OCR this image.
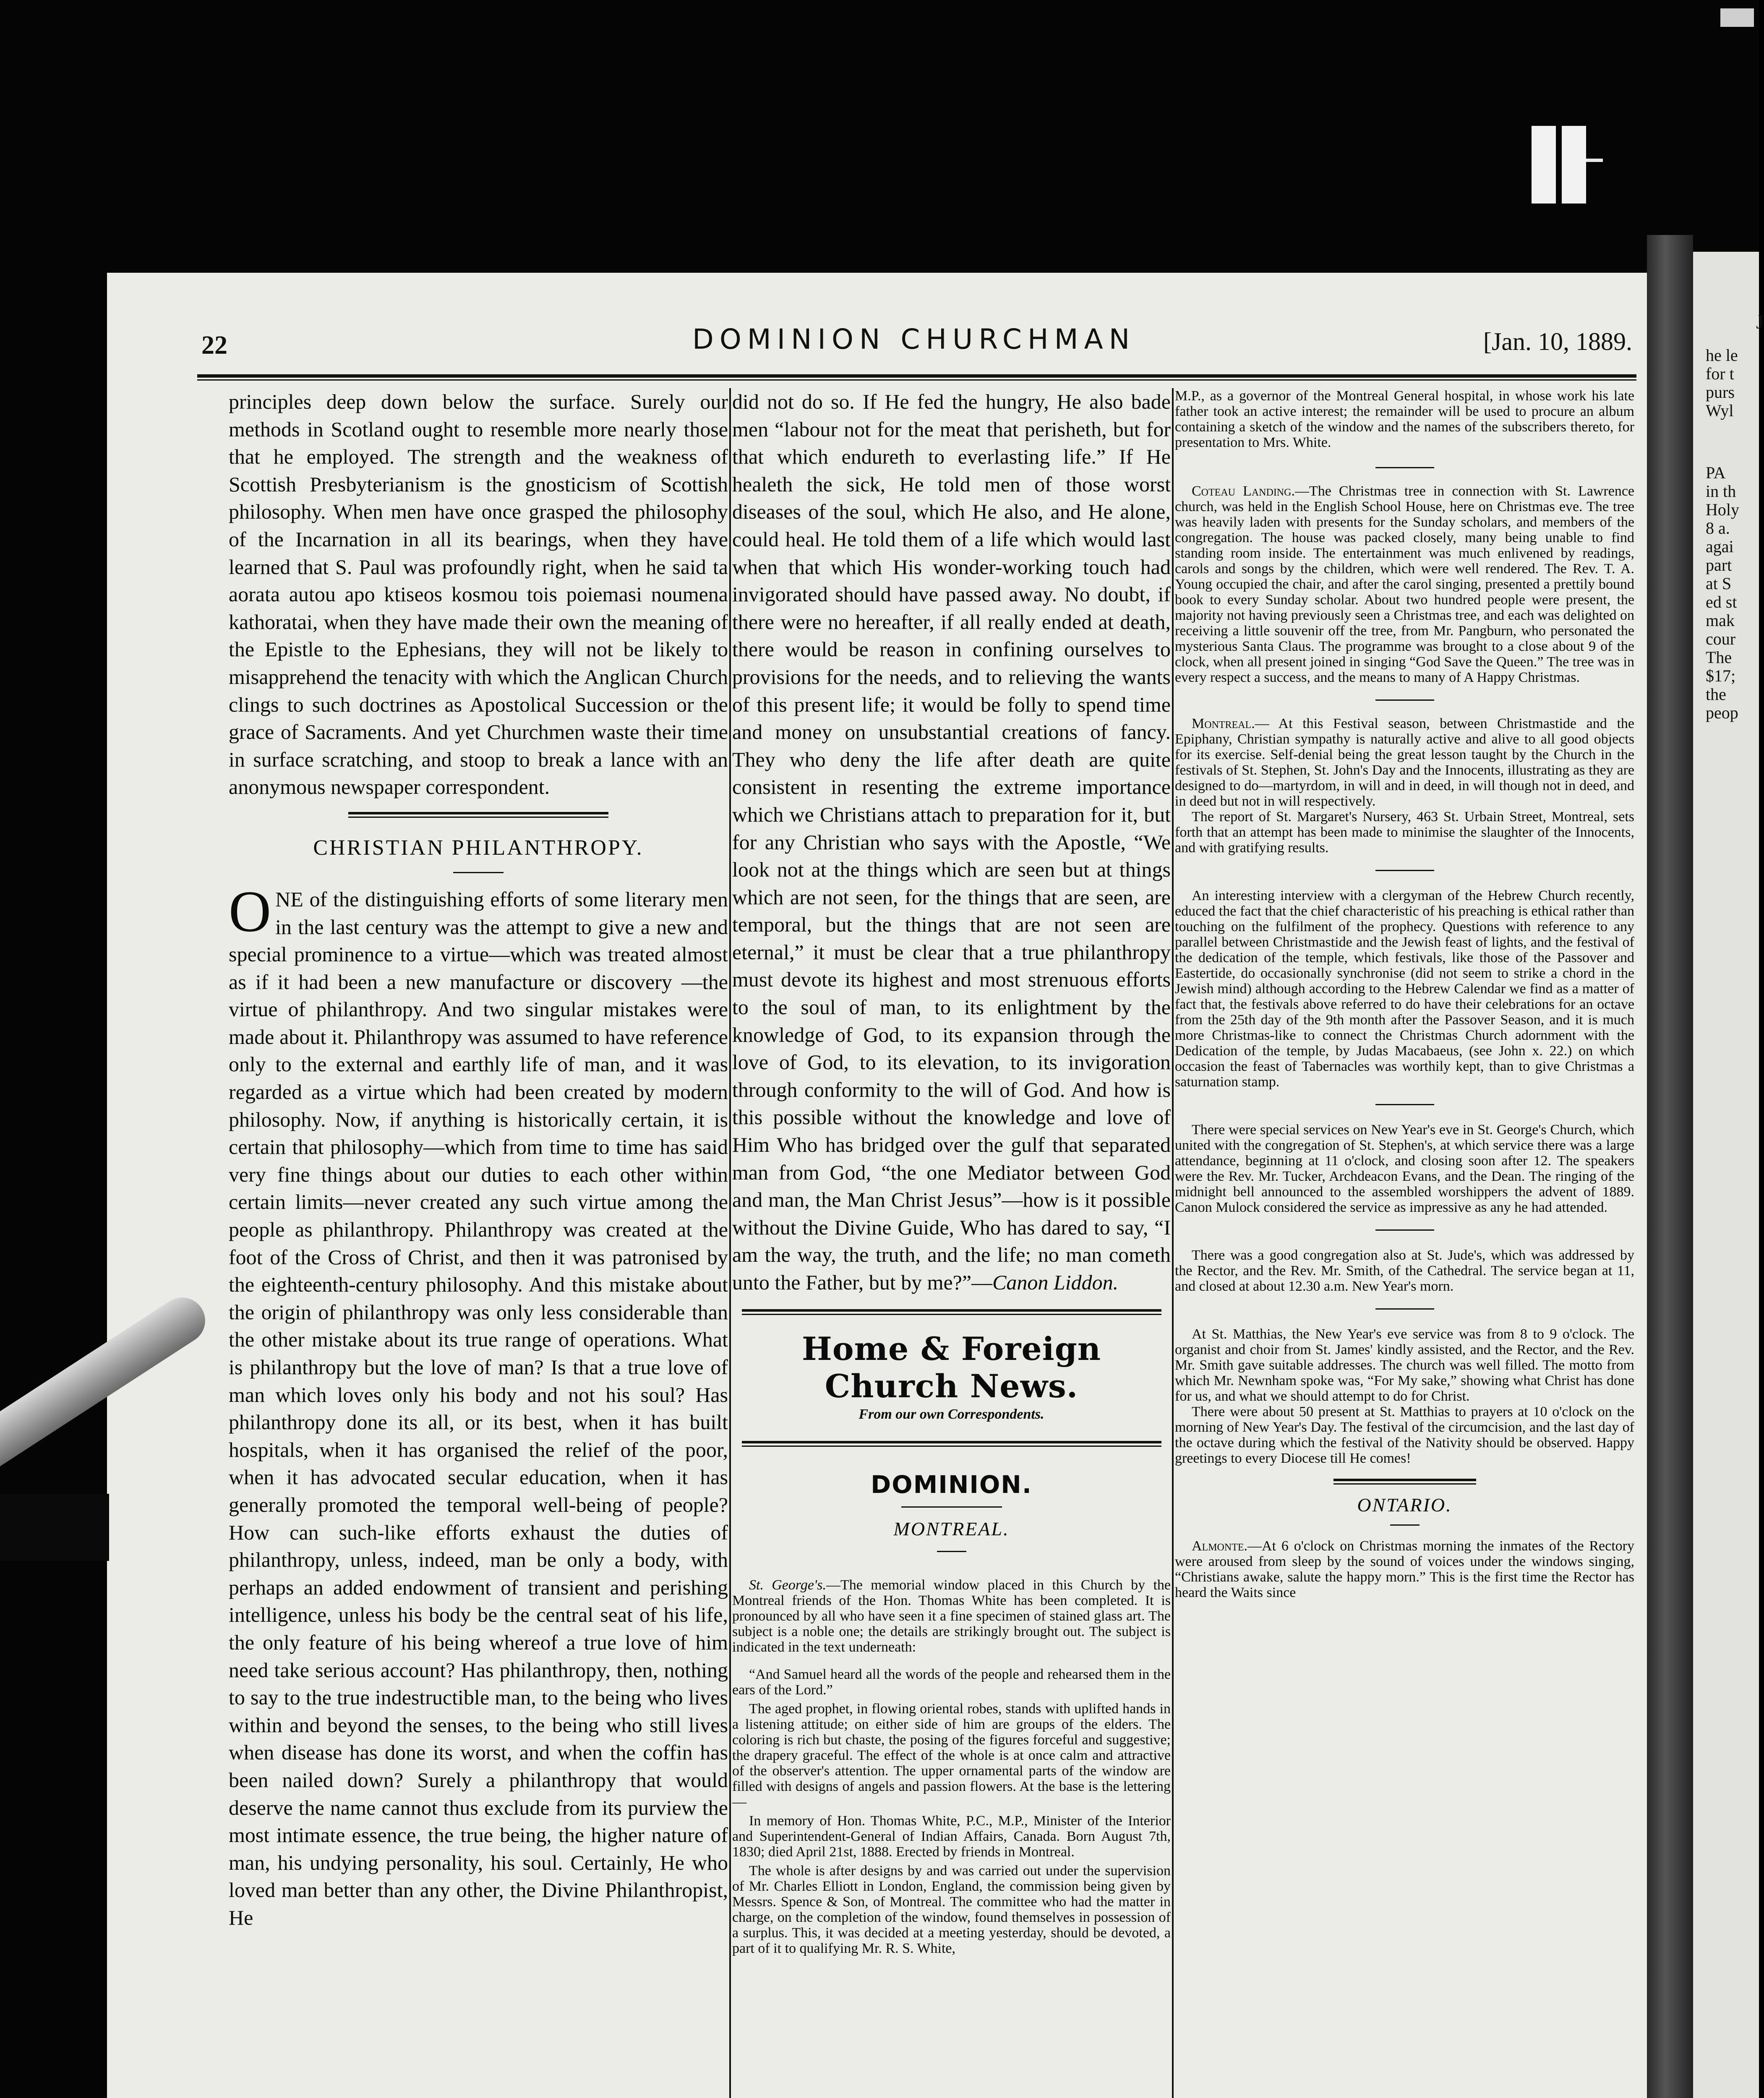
J
he le
for t
purs
Wyl

PA
in th
Holy
8 a.
agai
part
at S
ed st
mak
cour
The
$17;
the
peop
22	DOMINION CHURCHMAN	[Jan. 10, 1889.

principles deep down below the surface. Surely our methods in Scotland ought to resemble more nearly those that he employed. The strength and the weakness of Scottish Presbyterianism is the gnosticism of Scottish philosophy. When men have once grasped the philosophy of the Incarnation in all its bearings, when they have learned that S. Paul was profoundly right, when he said ta aorata autou apo ktiseos kosmou tois poiemasi noumena kathoratai, when they have made their own the meaning of the Epistle to the Ephesians, they will not be likely to misapprehend the tenacity with which the Anglican Church clings to such doctrines as Apostolical Succession or the grace of Sacraments. And yet Churchmen waste their time in surface scratching, and stoop to break a lance with an anonymous newspaper correspondent.

CHRISTIAN PHILANTHROPY.

ONE of the distinguishing efforts of some literary men in the last century was the attempt to give a new and special prominence to a virtue—which was treated almost as if it had been a new manufacture or discovery —the virtue of philanthropy. And two singular mistakes were made about it. Philanthropy was assumed to have reference only to the external and earthly life of man, and it was regarded as a virtue which had been created by modern philosophy. Now, if anything is historically certain, it is certain that philosophy—which from time to time has said very fine things about our duties to each other within certain limits—never created any such virtue among the people as philanthropy. Philanthropy was created at the foot of the Cross of Christ, and then it was patronised by the eighteenth-century philosophy. And this mistake about the origin of philanthropy was only less considerable than the other mistake about its true range of operations. What is philanthropy but the love of man? Is that a true love of man which loves only his body and not his soul? Has philanthropy done its all, or its best, when it has built hospitals, when it has organised the relief of the poor, when it has advocated secular education, when it has generally promoted the temporal well-being of people? How can such-like efforts exhaust the duties of philanthropy, unless, indeed, man be only a body, with perhaps an added endowment of transient and perishing intelligence, unless his body be the central seat of his life, the only feature of his being whereof a true love of him need take serious account? Has philanthropy, then, nothing to say to the true indestructible man, to the being who lives within and beyond the senses, to the being who still lives when disease has done its worst, and when the coffin has been nailed down? Surely a philanthropy that would deserve the name cannot thus exclude from its purview the most intimate essence, the true being, the higher nature of man, his undying personality, his soul. Certainly, He who loved man better than any other, the Divine Philanthropist, He
did not do so. If He fed the hungry, He also bade men “labour not for the meat that perisheth, but for that which endureth to everlasting life.” If He healeth the sick, He told men of those worst diseases of the soul, which He also, and He alone, could heal. He told them of a life which would last when that which His wonder-working touch had invigorated should have passed away. No doubt, if there were no hereafter, if all really ended at death, there would be reason in confining ourselves to provisions for the needs, and to relieving the wants of this present life; it would be folly to spend time and money on unsubstantial creations of fancy. They who deny the life after death are quite consistent in resenting the extreme importance which we Christians attach to preparation for it, but for any Christian who says with the Apostle, “We look not at the things which are seen but at things which are not seen, for the things that are seen, are temporal, but the things that are not seen are eternal,” it must be clear that a true philanthropy must devote its highest and most strenuous efforts to the soul of man, to its enlightment by the knowledge of God, to its expansion through the love of God, to its elevation, to its invigoration through conformity to the will of God. And how is this possible without the knowledge and love of Him Who has bridged over the gulf that separated man from God, “the one Mediator between God and man, the Man Christ Jesus”—how is it possible without the Divine Guide, Who has dared to say, “I am the way, the truth, and the life; no man cometh unto the Father, but by me?”—Canon Liddon.

Home & Foreign Church News.

From our own Correspondents.

DOMINION.

MONTREAL.

St. George's.—The memorial window placed in this Church by the Montreal friends of the Hon. Thomas White has been completed. It is pronounced by all who have seen it a fine specimen of stained glass art. The subject is a noble one; the details are strikingly brought out. The subject is indicated in the text underneath:

“And Samuel heard all the words of the people and rehearsed them in the ears of the Lord.”

The aged prophet, in flowing oriental robes, stands with uplifted hands in a listening attitude; on either side of him are groups of the elders. The coloring is rich but chaste, the posing of the figures forceful and suggestive; the drapery graceful. The effect of the whole is at once calm and attractive of the observer's attention. The upper ornamental parts of the window are filled with designs of angels and passion flowers. At the base is the lettering—

In memory of Hon. Thomas White, P.C., M.P., Minister of the Interior and Superintendent-General of Indian Affairs, Canada. Born August 7th, 1830; died April 21st, 1888. Erected by friends in Montreal.

The whole is after designs by and was carried out under the supervision of Mr. Charles Elliott in London, England, the commission being given by Messrs. Spence & Son, of Montreal. The committee who had the matter in charge, on the completion of the window, found themselves in possession of a surplus. This, it was decided at a meeting yesterday, should be devoted, a part of it to qualifying Mr. R. S. White,

M.P., as a governor of the Montreal General hospital, in whose work his late father took an active interest; the remainder will be used to procure an album containing a sketch of the window and the names of the subscribers thereto, for presentation to Mrs. White.

Coteau Landing.—The Christmas tree in connection with St. Lawrence church, was held in the English School House, here on Christmas eve. The tree was heavily laden with presents for the Sunday scholars, and members of the congregation. The house was packed closely, many being unable to find standing room inside. The entertainment was much enlivened by readings, carols and songs by the children, which were well rendered. The Rev. T. A. Young occupied the chair, and after the carol singing, presented a prettily bound book to every Sunday scholar. About two hundred people were present, the majority not having previously seen a Christmas tree, and each was delighted on receiving a little souvenir off the tree, from Mr. Pangburn, who personated the mysterious Santa Claus. The programme was brought to a close about 9 of the clock, when all present joined in singing “God Save the Queen.” The tree was in every respect a success, and the means to many of A Happy Christmas.

Montreal.— At this Festival season, between Christmastide and the Epiphany, Christian sympathy is naturally active and alive to all good objects for its exercise. Self-denial being the great lesson taught by the Church in the festivals of St. Stephen, St. John's Day and the Innocents, illustrating as they are designed to do—martyrdom, in will and in deed, in will though not in deed, and in deed but not in will respectively.

The report of St. Margaret's Nursery, 463 St. Urbain Street, Montreal, sets forth that an attempt has been made to minimise the slaughter of the Innocents, and with gratifying results.

An interesting interview with a clergyman of the Hebrew Church recently, educed the fact that the chief characteristic of his preaching is ethical rather than touching on the fulfilment of the prophecy. Questions with reference to any parallel between Christmastide and the Jewish feast of lights, and the festival of the dedication of the temple, which festivals, like those of the Passover and Eastertide, do occasionally synchronise (did not seem to strike a chord in the Jewish mind) although according to the Hebrew Calendar we find as a matter of fact that, the festivals above referred to do have their celebrations for an octave from the 25th day of the 9th month after the Passover Season, and it is much more Christmas-like to connect the Christmas Church adornment with the Dedication of the temple, by Judas Macabaeus, (see John x. 22.) on which occasion the feast of Tabernacles was worthily kept, than to give Christmas a saturnation stamp.

There were special services on New Year's eve in St. George's Church, which united with the congregation of St. Stephen's, at which service there was a large attendance, beginning at 11 o'clock, and closing soon after 12. The speakers were the Rev. Mr. Tucker, Archdeacon Evans, and the Dean. The ringing of the midnight bell announced to the assembled worshippers the advent of 1889. Canon Mulock considered the service as impressive as any he had attended.

There was a good congregation also at St. Jude's, which was addressed by the Rector, and the Rev. Mr. Smith, of the Cathedral. The service began at 11, and closed at about 12.30 a.m. New Year's morn.

At St. Matthias, the New Year's eve service was from 8 to 9 o'clock. The organist and choir from St. James' kindly assisted, and the Rector, and the Rev. Mr. Smith gave suitable addresses. The church was well filled. The motto from which Mr. Newnham spoke was, “For My sake,” showing what Christ has done for us, and what we should attempt to do for Christ.

There were about 50 present at St. Matthias to prayers at 10 o'clock on the morning of New Year's Day. The festival of the circumcision, and the last day of the octave during which the festival of the Nativity should be observed. Happy greetings to every Diocese till He comes!

ONTARIO.

Almonte.—At 6 o'clock on Christmas morning the inmates of the Rectory were aroused from sleep by the sound of voices under the windows singing, “Christians awake, salute the happy morn.” This is the first time the Rector has heard the Waits since
